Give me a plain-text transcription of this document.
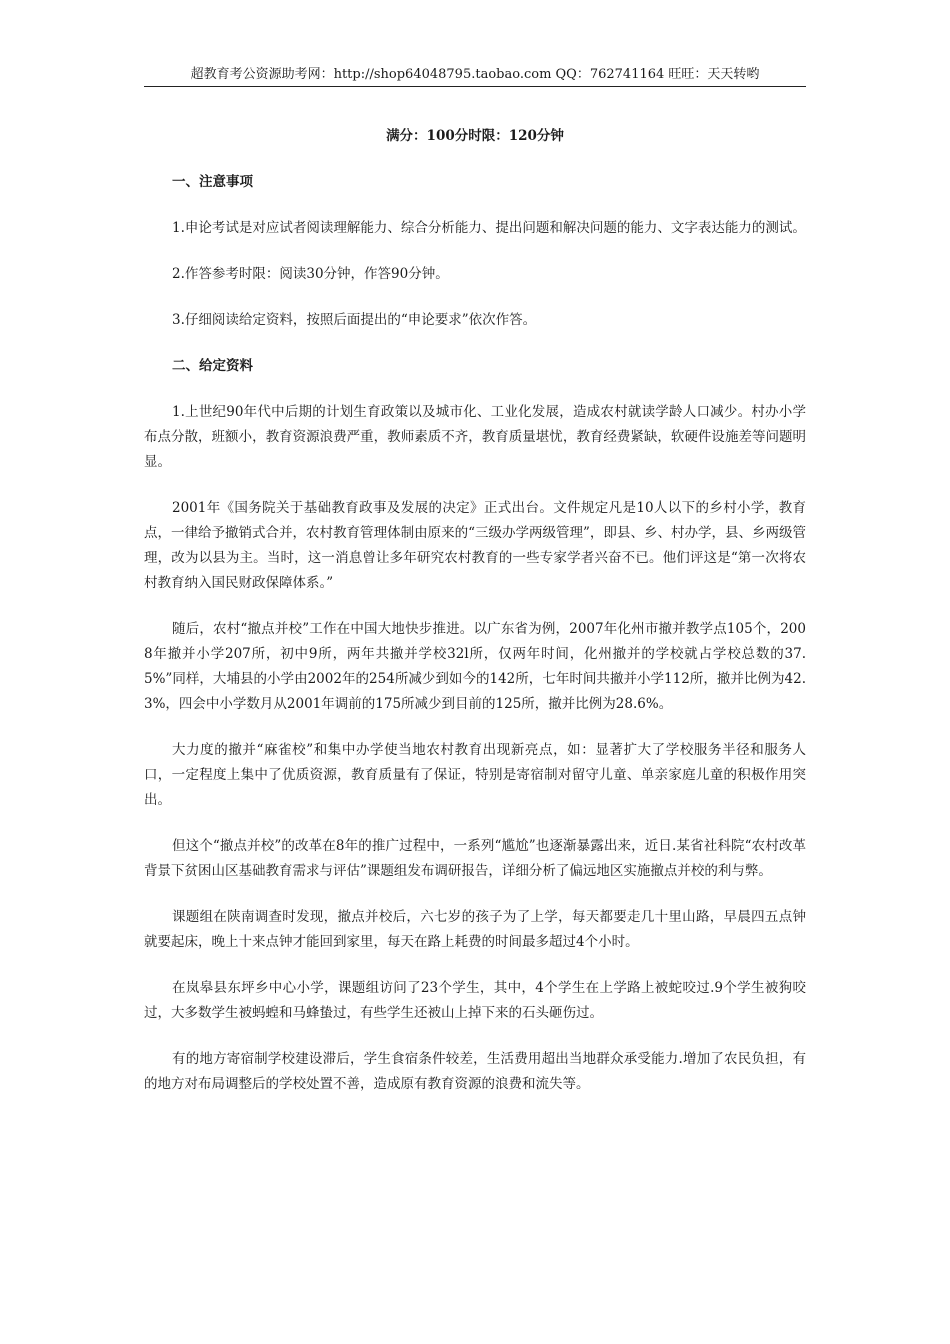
超教育考公资源助考网：http://shop64048795.taobao.com QQ：762741164 旺旺：天天转哟
满分：100分时限：120分钟
一、注意事项

1.申论考试是对应试者阅读理解能力、综合分析能力、提出问题和解决问题的能力、文字表达能力的测试。

2.作答参考时限：阅读30分钟，作答90分钟。

3.仔细阅读给定资料，按照后面提出的“申论要求”依次作答。

二、给定资料

1.上世纪90年代中后期的计划生育政策以及城市化、工业化发展，造成农村就读学龄人口减少。村办小学布点分散，班额小，教育资源浪费严重，教师素质不齐，教育质量堪忧，教育经费紧缺，软硬件设施差等问题明显。

2001年《国务院关于基础教育政事及发展的决定》正式出台。文件规定凡是10人以下的乡村小学，教育点，一律给予撤销式合并，农村教育管理体制由原来的“三级办学两级管理”，即县、乡、村办学，县、乡两级管理，改为以县为主。当时，这一消息曾让多年研究农村教育的一些专家学者兴奋不已。他们评这是“第一次将农村教育纳入国民财政保障体系。”

随后，农村“撤点并校”工作在中国大地快步推进。以广东省为例，2007年化州市撤并教学点105个，2008年撤并小学207所，初中9所，两年共撤并学校32l所，仅两年时间，化州撤并的学校就占学校总数的37.5%”同样，大埔县的小学由2002年的254所减少到如今的142所，七年时间共撤并小学112所，撤并比例为42.3%，四会中小学数月从2001年调前的175所减少到目前的125所，撤并比例为28.6%。

大力度的撤并“麻雀校”和集中办学使当地农村教育出现新亮点，如：显著扩大了学校服务半径和服务人口，一定程度上集中了优质资源，教育质量有了保证，特别是寄宿制对留守儿童、单亲家庭儿童的积极作用突出。

但这个“撤点并校”的改革在8年的推广过程中，一系列“尴尬”也逐渐暴露出来，近日.某省社科院“农村改革背景下贫困山区基础教育需求与评估”课题组发布调研报告，详细分析了偏远地区实施撤点并校的利与弊。

课题组在陕南调查时发现，撤点并校后，六七岁的孩子为了上学，每天都要走几十里山路，早晨四五点钟就要起床，晚上十来点钟才能回到家里，每天在路上耗费的时间最多超过4个小时。

在岚皋县东坪乡中心小学，课题组访问了23个学生，其中，4个学生在上学路上被蛇咬过.9个学生被狗咬过，大多数学生被蚂蝗和马蜂蛰过，有些学生还被山上掉下来的石头砸伤过。

有的地方寄宿制学校建设滞后，学生食宿条件较差，生活费用超出当地群众承受能力.增加了农民负担，有的地方对布局调整后的学校处置不善，造成原有教育资源的浪费和流失等。
